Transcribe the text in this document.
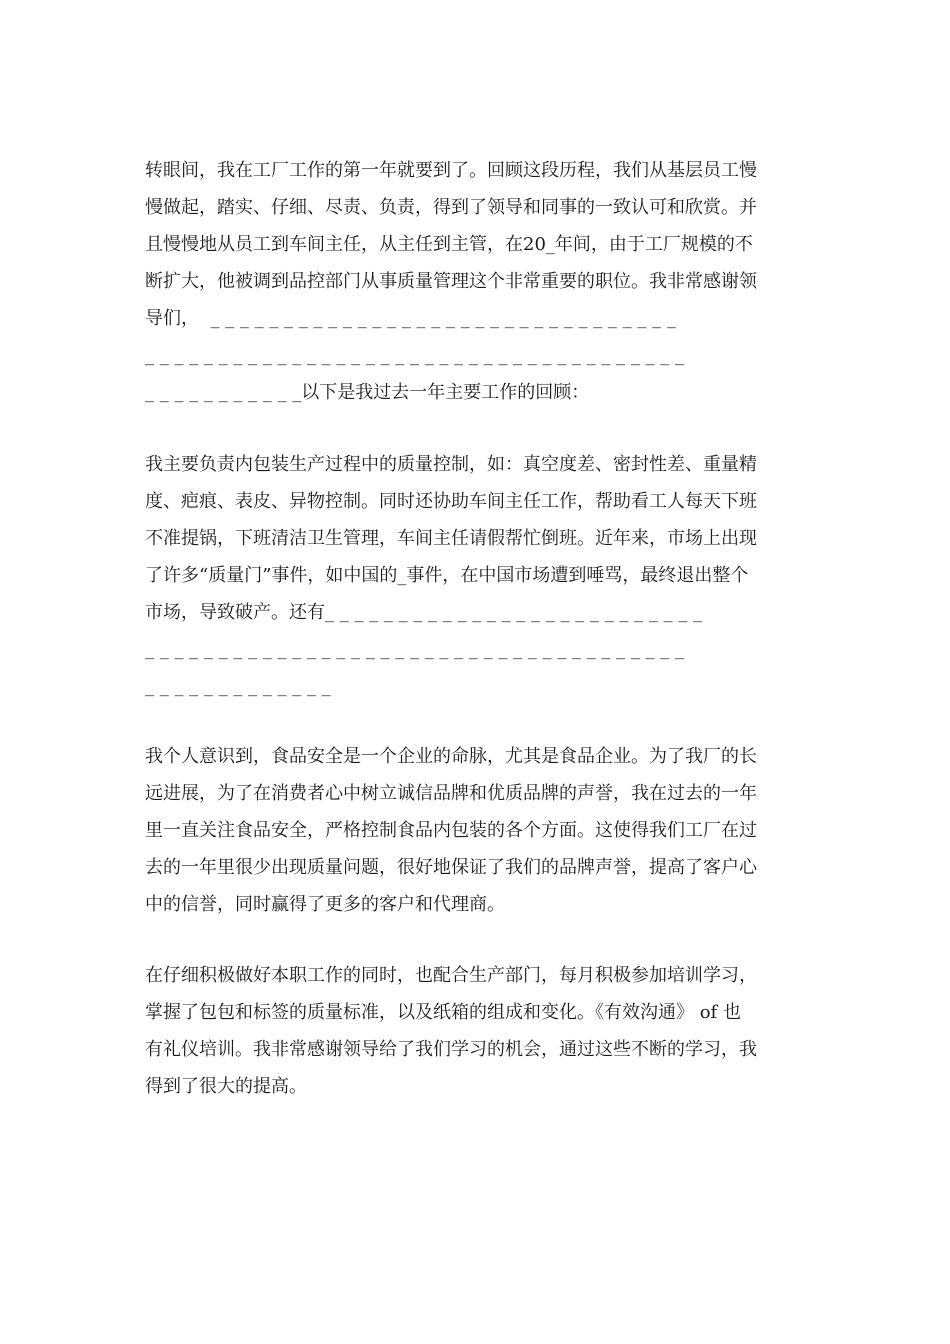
转眼间，我在工厂工作的第一年就要到了。回顾这段历程，我们从基层员工慢
慢做起，踏实、仔细、尽责、负责，得到了领导和同事的一致认可和欣赏。并
且慢慢地从员工到车间主任，从主任到主管，在20_年间，由于工厂规模的不
断扩大，他被调到品控部门从事质量管理这个非常重要的职位。我非常感谢领
导们，  _ _ _ _ _ _ _ _ _ _ _ _ _ _ _ _ _ _ _ _ _ _ _ _ _ _ _ _ _ _ _ _
_ _ _ _ _ _ _ _ _ _ _ _ _ _ _ _ _ _ _ _ _ _ _ _ _ _ _ _ _ _ _ _ _ _ _ _ _
_ _ _ _ _ _ _ _ _ _ _以下是我过去一年主要工作的回顾：
我主要负责内包装生产过程中的质量控制，如：真空度差、密封性差、重量精
度、疤痕、表皮、异物控制。同时还协助车间主任工作，帮助看工人每天下班
不准提锅，下班清洁卫生管理，车间主任请假帮忙倒班。近年来，市场上出现
了许多“质量门”事件，如中国的_事件，在中国市场遭到唾骂，最终退出整个
市场，导致破产。还有_ _ _ _ _ _ _ _ _ _ _ _ _ _ _ _ _ _ _ _ _ _ _ _ _ _
_ _ _ _ _ _ _ _ _ _ _ _ _ _ _ _ _ _ _ _ _ _ _ _ _ _ _ _ _ _ _ _ _ _ _ _ _
_ _ _ _ _ _ _ _ _ _ _ _ _
我个人意识到，食品安全是一个企业的命脉，尤其是食品企业。为了我厂的长
远进展，为了在消费者心中树立诚信品牌和优质品牌的声誉，我在过去的一年
里一直关注食品安全，严格控制食品内包装的各个方面。这使得我们工厂在过
去的一年里很少出现质量问题，很好地保证了我们的品牌声誉，提高了客户心
中的信誉，同时赢得了更多的客户和代理商。
在仔细积极做好本职工作的同时，也配合生产部门，每月积极参加培训学习，
掌握了包包和标签的质量标准，以及纸箱的组成和变化。《有效沟通》 of 也
有礼仪培训。我非常感谢领导给了我们学习的机会，通过这些不断的学习，我
得到了很大的提高。
